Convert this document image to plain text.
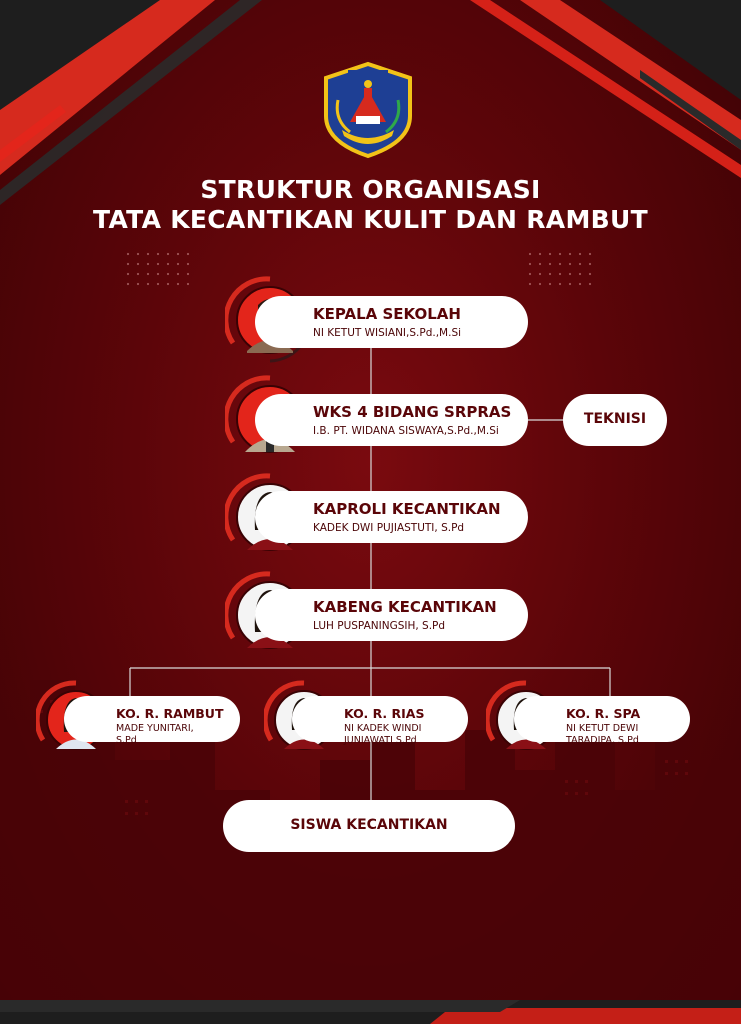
STRUKTUR ORGANISASI
TATA KECANTIKAN KULIT DAN RAMBUT
KEPALA SEKOLAH
NI KETUT WISIANI,S.Pd.,M.Si
WKS 4 BIDANG SRPRAS
I.B. PT. WIDANA SISWAYA,S.Pd.,M.Si
TEKNISI
KAPROLI KECANTIKAN
KADEK DWI PUJIASTUTI, S.Pd
KABENG KECANTIKAN
LUH PUSPANINGSIH, S.Pd
KO. R. RAMBUT
MADE YUNITARI, S.Pd
KO. R. RIAS
NI KADEK WINDI JUNIAWATI S.Pd
KO. R. SPA
NI KETUT DEWI TARADIPA, S.Pd
SISWA KECANTIKAN
